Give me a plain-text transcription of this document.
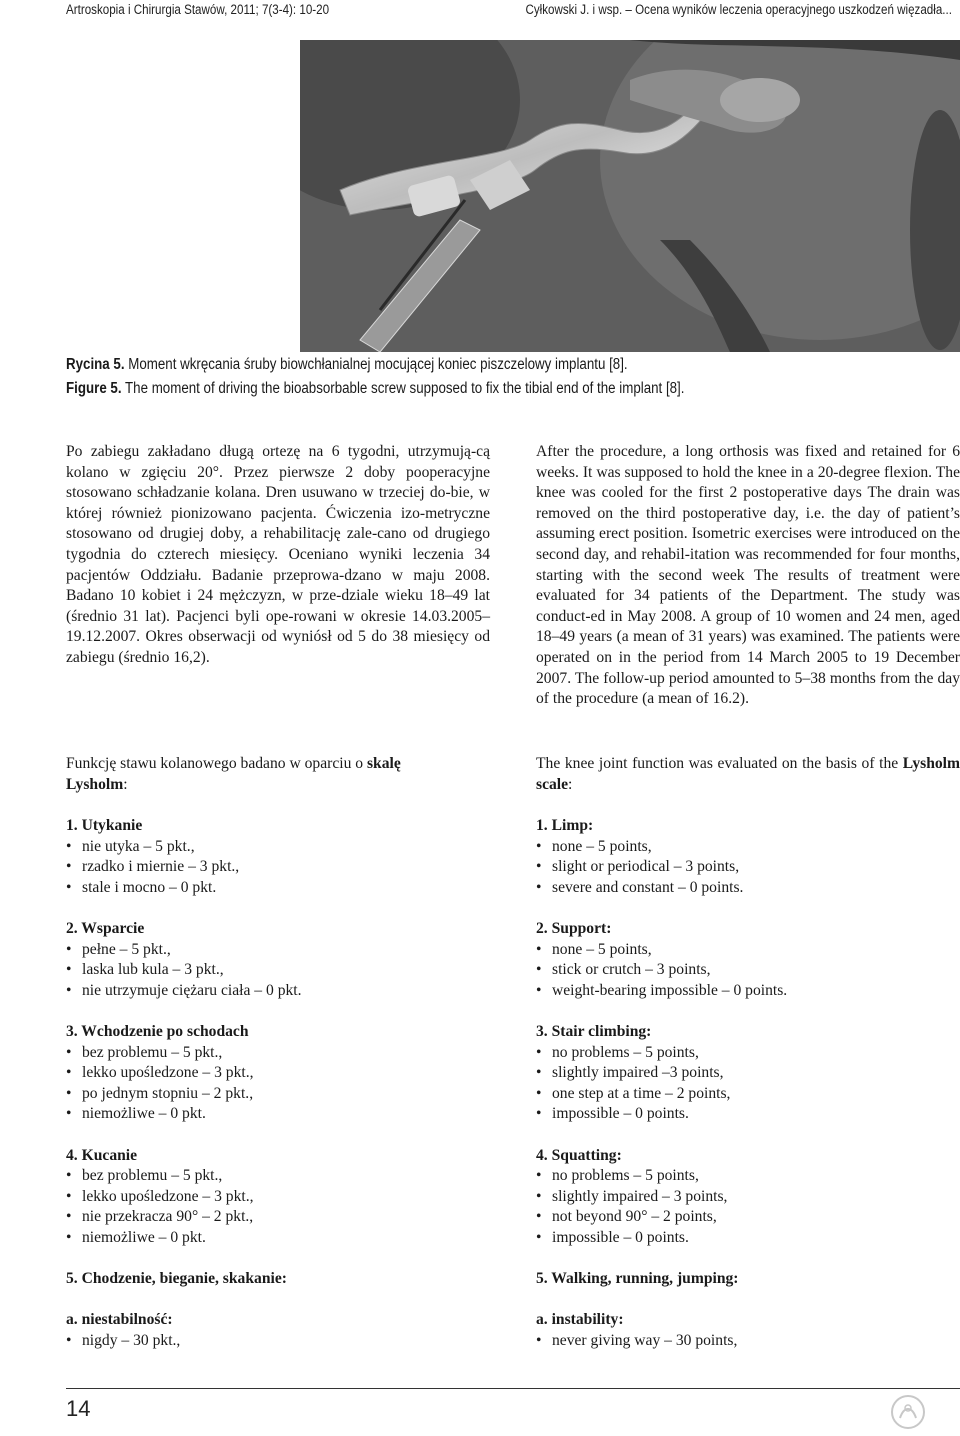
Artroskopia i Chirurgia Stawów, 2011; 7(3-4): 10-20	Cyłkowski J. i wsp. – Ocena wyników leczenia operacyjnego uszkodzeń więzadła...
Rycina 5. Moment wkręcania śruby biowchłanialnej mocującej koniec piszczelowy implantu [8].
Figure 5. The moment of driving the bioabsorbable screw supposed to fix the tibial end of the implant [8].

Po zabiegu zakładano długą ortezę na 6 tygodni, utrzymują-cą kolano w zgięciu 20°. Przez pierwsze 2 doby pooperacyjne stosowano schładzanie kolana. Dren usuwano w trzeciej do-bie, w której również pionizowano pacjenta. Ćwiczenia izo-metryczne stosowano od drugiej doby, a rehabilitację zale-cano od drugiego tygodnia do czterech miesięcy. Oceniano wyniki leczenia 34 pacjentów Oddziału. Badanie przeprowa-dzano w maju 2008. Badano 10 kobiet i 24 mężczyzn, w prze-dziale wieku 18–49 lat (średnio 31 lat). Pacjenci byli ope-rowani w okresie 14.03.2005–19.12.2007. Okres obserwacji od wyniósł od 5 do 38 miesięcy od zabiegu (średnio 16,2).

Funkcję stawu kolanowego badano w oparciu o skalę
Lysholm:

1. Utykanie

• nie utyka – 5 pkt.,
• rzadko i miernie – 3 pkt.,
• stale i mocno – 0 pkt.

2. Wsparcie

• pełne – 5 pkt.,
• laska lub kula – 3 pkt.,
• nie utrzymuje ciężaru ciała – 0 pkt.

3. Wchodzenie po schodach

• bez problemu – 5 pkt.,
• lekko upośledzone – 3 pkt.,
• po jednym stopniu – 2 pkt.,
• niemożliwe – 0 pkt.

4. Kucanie

• bez problemu – 5 pkt.,
• lekko upośledzone – 3 pkt.,
• nie przekracza 90° – 2 pkt.,
• niemożliwe – 0 pkt.

5. Chodzenie, bieganie, skakanie:

a. niestabilność:

• nigdy – 30 pkt.,

After the procedure, a long orthosis was fixed and retained for 6 weeks. It was supposed to hold the knee in a 20-degree flexion. The knee was cooled for the first 2 postoperative days The drain was removed on the third postoperative day, i.e. the day of patient’s assuming erect position. Isometric exercises were introduced on the second day, and rehabil-itation was recommended for four months, starting with the second week The results of treatment were evaluated for 34 patients of the Department. The study was conduct-ed in May 2008. A group of 10 women and 24 men, aged 18–49 years (a mean of 31 years) was examined. The patients were operated on in the period from 14 March 2005 to 19 December 2007. The follow-up period amounted to 5–38 months from the day of the procedure (a mean of 16.2).

The knee joint function was evaluated on the basis of the Lysholm scale:

1. Limp:

• none – 5 points,
• slight or periodical – 3 points,
• severe and constant – 0 points.

2. Support:

• none – 5 points,
• stick or crutch – 3 points,
• weight-bearing impossible – 0 points.

3. Stair climbing:

• no problems – 5 points,
• slightly impaired –3 points,
• one step at a time – 2 points,
• impossible – 0 points.

4. Squatting:

• no problems – 5 points,
• slightly impaired – 3 points,
• not beyond 90° – 2 points,
• impossible – 0 points.

5. Walking, running, jumping:

a. instability:

• never giving way – 30 points,
14
